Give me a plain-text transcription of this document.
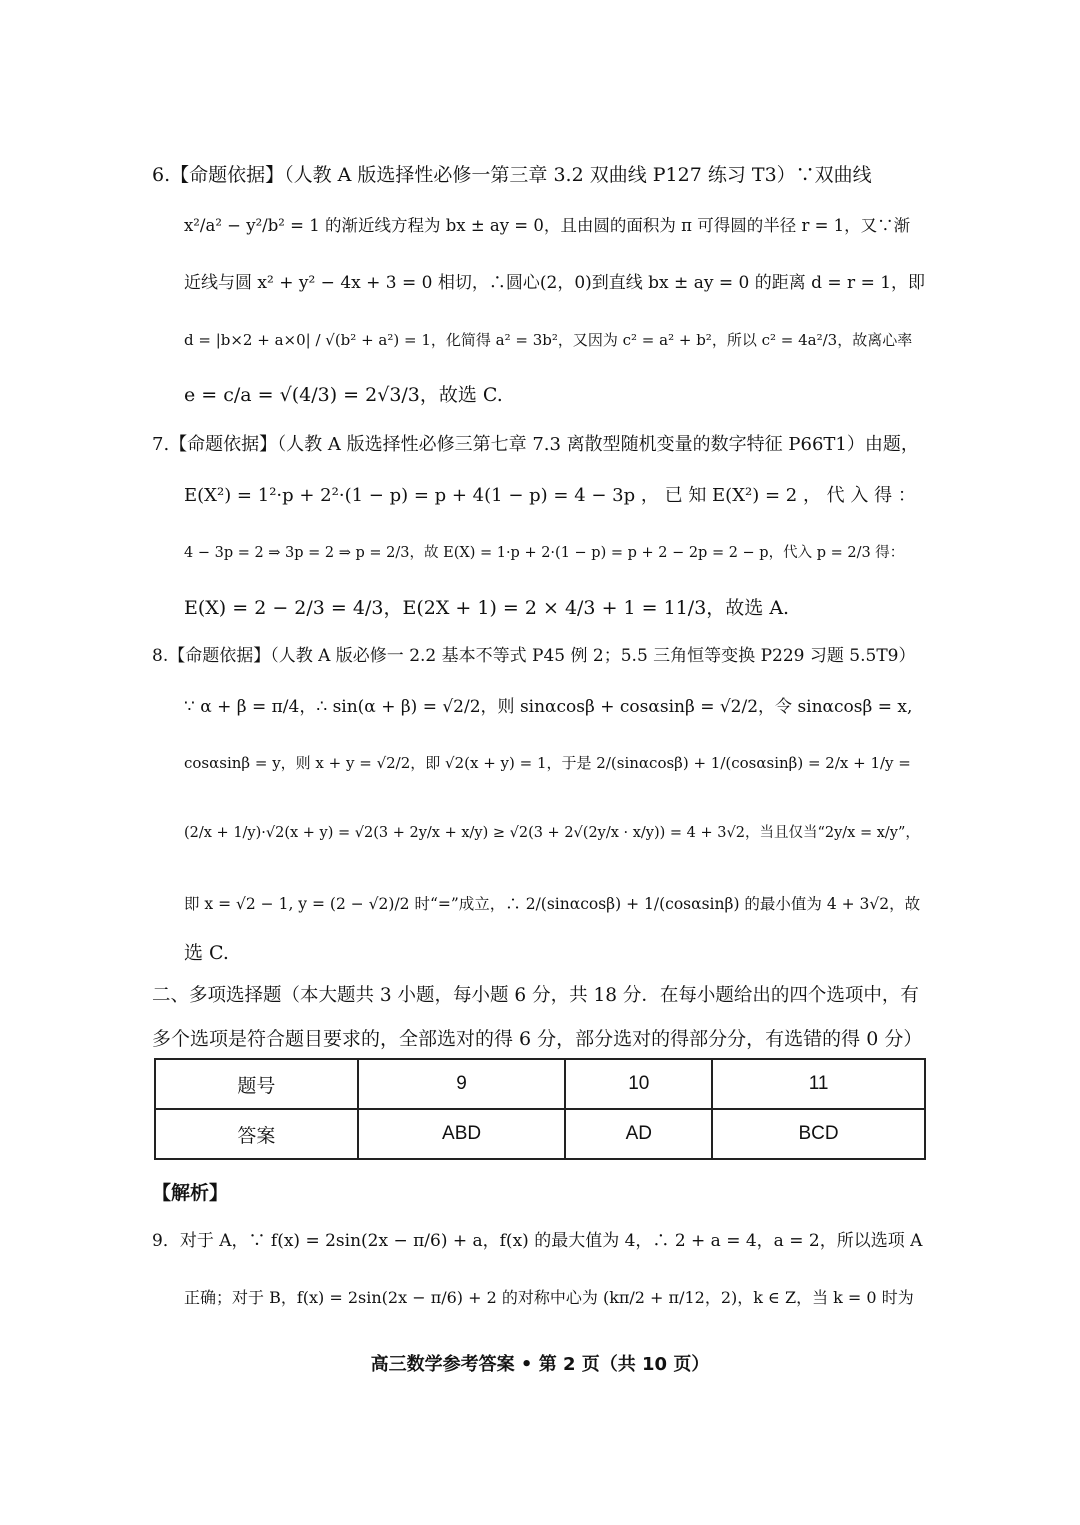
6.【命题依据】（人教 A 版选择性必修一第三章 3.2 双曲线 P127 练习 T3）∵双曲线
x²/a² − y²/b² = 1 的渐近线方程为 bx ± ay = 0，且由圆的面积为 π 可得圆的半径 r = 1，又∵渐
近线与圆 x² + y² − 4x + 3 = 0 相切，∴圆心(2，0)到直线 bx ± ay = 0 的距离 d = r = 1，即
d = |b×2 + a×0| / √(b² + a²) = 1，化简得 a² = 3b²，又因为 c² = a² + b²，所以 c² = 4a²/3，故离心率
e = c/a = √(4/3) = 2√3/3，故选 C.
7.【命题依据】（人教 A 版选择性必修三第七章 7.3 离散型随机变量的数字特征 P66T1）由题，
E(X²) = 1²·p + 2²·(1 − p) = p + 4(1 − p) = 4 − 3p ， 已 知 E(X²) = 2 ， 代 入 得 ：
4 − 3p = 2 ⇒ 3p = 2 ⇒ p = 2/3，故 E(X) = 1·p + 2·(1 − p) = p + 2 − 2p = 2 − p，代入 p = 2/3 得：
E(X) = 2 − 2/3 = 4/3，E(2X + 1) = 2 × 4/3 + 1 = 11/3，故选 A.
8.【命题依据】（人教 A 版必修一 2.2 基本不等式 P45 例 2；5.5 三角恒等变换 P229 习题 5.5T9）
∵ α + β = π/4，∴ sin(α + β) = √2/2，则 sinαcosβ + cosαsinβ = √2/2，令 sinαcosβ = x,
cosαsinβ = y，则 x + y = √2/2，即 √2(x + y) = 1，于是 2/(sinαcosβ) + 1/(cosαsinβ) = 2/x + 1/y =
(2/x + 1/y)·√2(x + y) = √2(3 + 2y/x + x/y) ≥ √2(3 + 2√(2y/x · x/y)) = 4 + 3√2，当且仅当“2y/x = x/y”，
即 x = √2 − 1, y = (2 − √2)/2 时“=”成立，∴ 2/(sinαcosβ) + 1/(cosαsinβ) 的最小值为 4 + 3√2，故
选 C.
二、多项选择题（本大题共 3 小题，每小题 6 分，共 18 分．在每小题给出的四个选项中，有
多个选项是符合题目要求的，全部选对的得 6 分，部分选对的得部分分，有选错的得 0 分）
题号	9	10	11
答案	ABD	AD	BCD
【解析】
9．对于 A，∵ f(x) = 2sin(2x − π/6) + a，f(x) 的最大值为 4，∴ 2 + a = 4，a = 2，所以选项 A
正确；对于 B，f(x) = 2sin(2x − π/6) + 2 的对称中心为 (kπ/2 + π/12，2)，k ∈ Z，当 k = 0 时为
高三数学参考答案 • 第 2 页（共 10 页）
